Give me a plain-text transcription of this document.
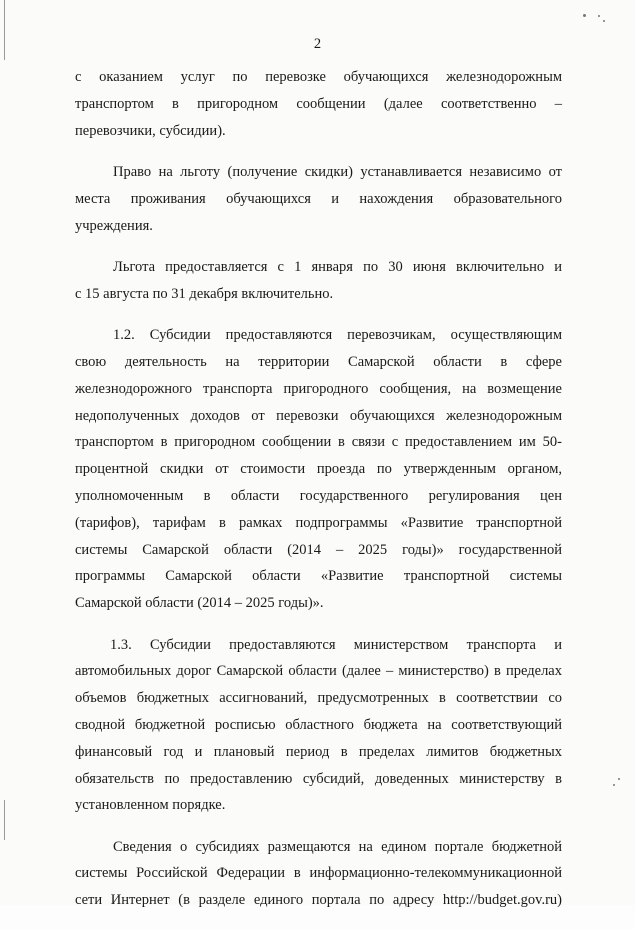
2
с оказанием услуг по перевозке обучающихся железнодорожным
транспортом в пригородном сообщении (далее соответственно –
перевозчики, субсидии).
Право на льготу (получение скидки) устанавливается независимо от
места проживания обучающихся и нахождения образовательного
учреждения.
Льгота предоставляется с 1 января по 30 июня включительно и
с 15 августа по 31 декабря включительно.
1.2. Субсидии предоставляются перевозчикам, осуществляющим
свою деятельность на территории Самарской области в сфере
железнодорожного транспорта пригородного сообщения, на возмещение
недополученных доходов от перевозки обучающихся железнодорожным
транспортом в пригородном сообщении в связи с предоставлением им 50-
процентной скидки от стоимости проезда по утвержденным органом,
уполномоченным в области государственного регулирования цен
(тарифов), тарифам в рамках подпрограммы «Развитие транспортной
системы Самарской области (2014 – 2025 годы)» государственной
программы Самарской области «Развитие транспортной системы
Самарской области (2014 – 2025 годы)».
1.3. Субсидии предоставляются министерством транспорта и
автомобильных дорог Самарской области (далее – министерство) в пределах
объемов бюджетных ассигнований, предусмотренных в соответствии со
сводной бюджетной росписью областного бюджета на соответствующий
финансовый год и плановый период в пределах лимитов бюджетных
обязательств по предоставлению субсидий, доведенных министерству в
установленном порядке.
Сведения о субсидиях размещаются на едином портале бюджетной
системы Российской Федерации в информационно-телекоммуникационной
сети Интернет (в разделе единого портала по адресу http://budget.gov.ru)
